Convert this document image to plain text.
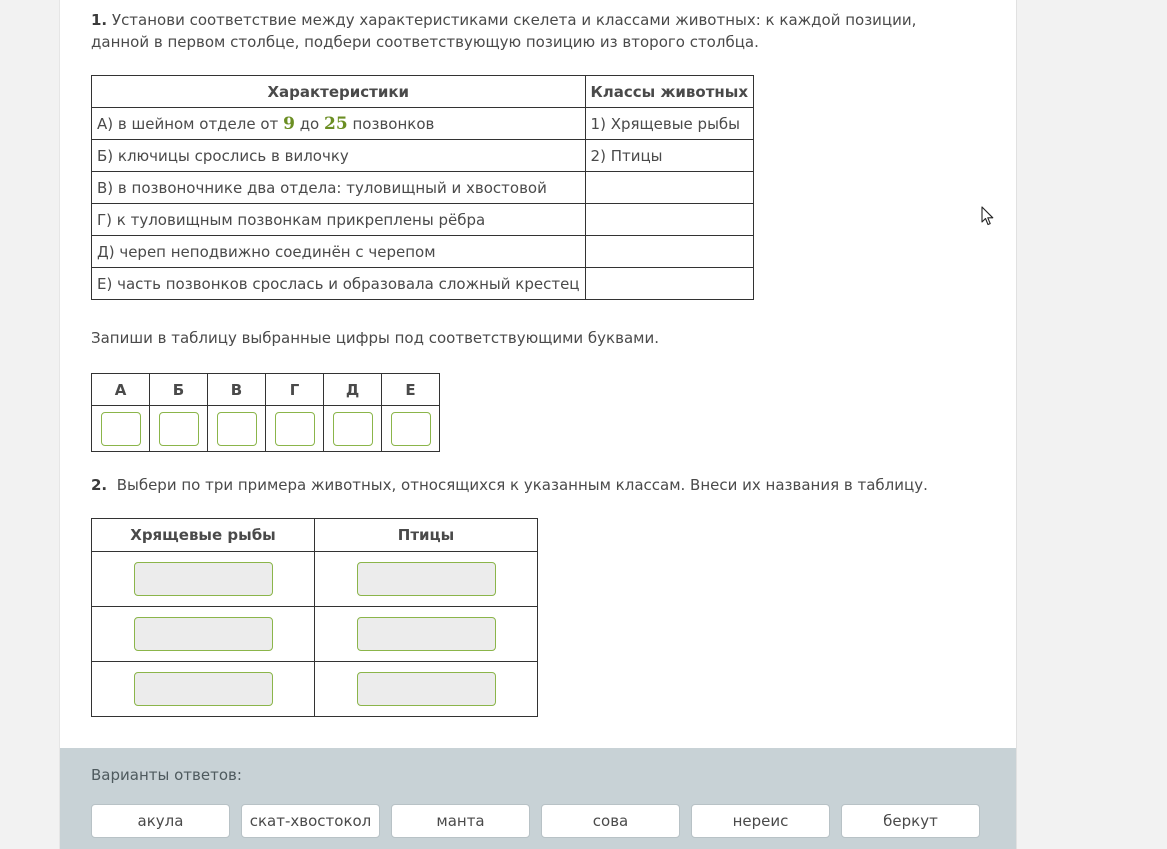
1. Установи соответствие между характеристиками скелета и классами животных: к каждой позиции, данной в первом столбце, подбери соответствующую позицию из второго столбца.
Характеристики	Классы животных
А) в шейном отделе от 9 до 25 позвонков	1) Хрящевые рыбы
Б) ключицы срослись в вилочку	2) Птицы
В) в позвоночнике два отдела: туловищный и хвостовой	
Г) к туловищным позвонкам прикреплены рёбра	
Д) череп неподвижно соединён с черепом	
Е) часть позвонков срослась и образовала сложный крестец	
Запиши в таблицу выбранные цифры под соответствующими буквами.
А	Б	В	Г	Д	Е

2. Выбери по три примера животных, относящихся к указанным классам. Внеси их названия в таблицу.
Хрящевые рыбы	Птицы

Варианты ответов:
акула	скат-хвостокол	манта	сова	нереис	беркут
